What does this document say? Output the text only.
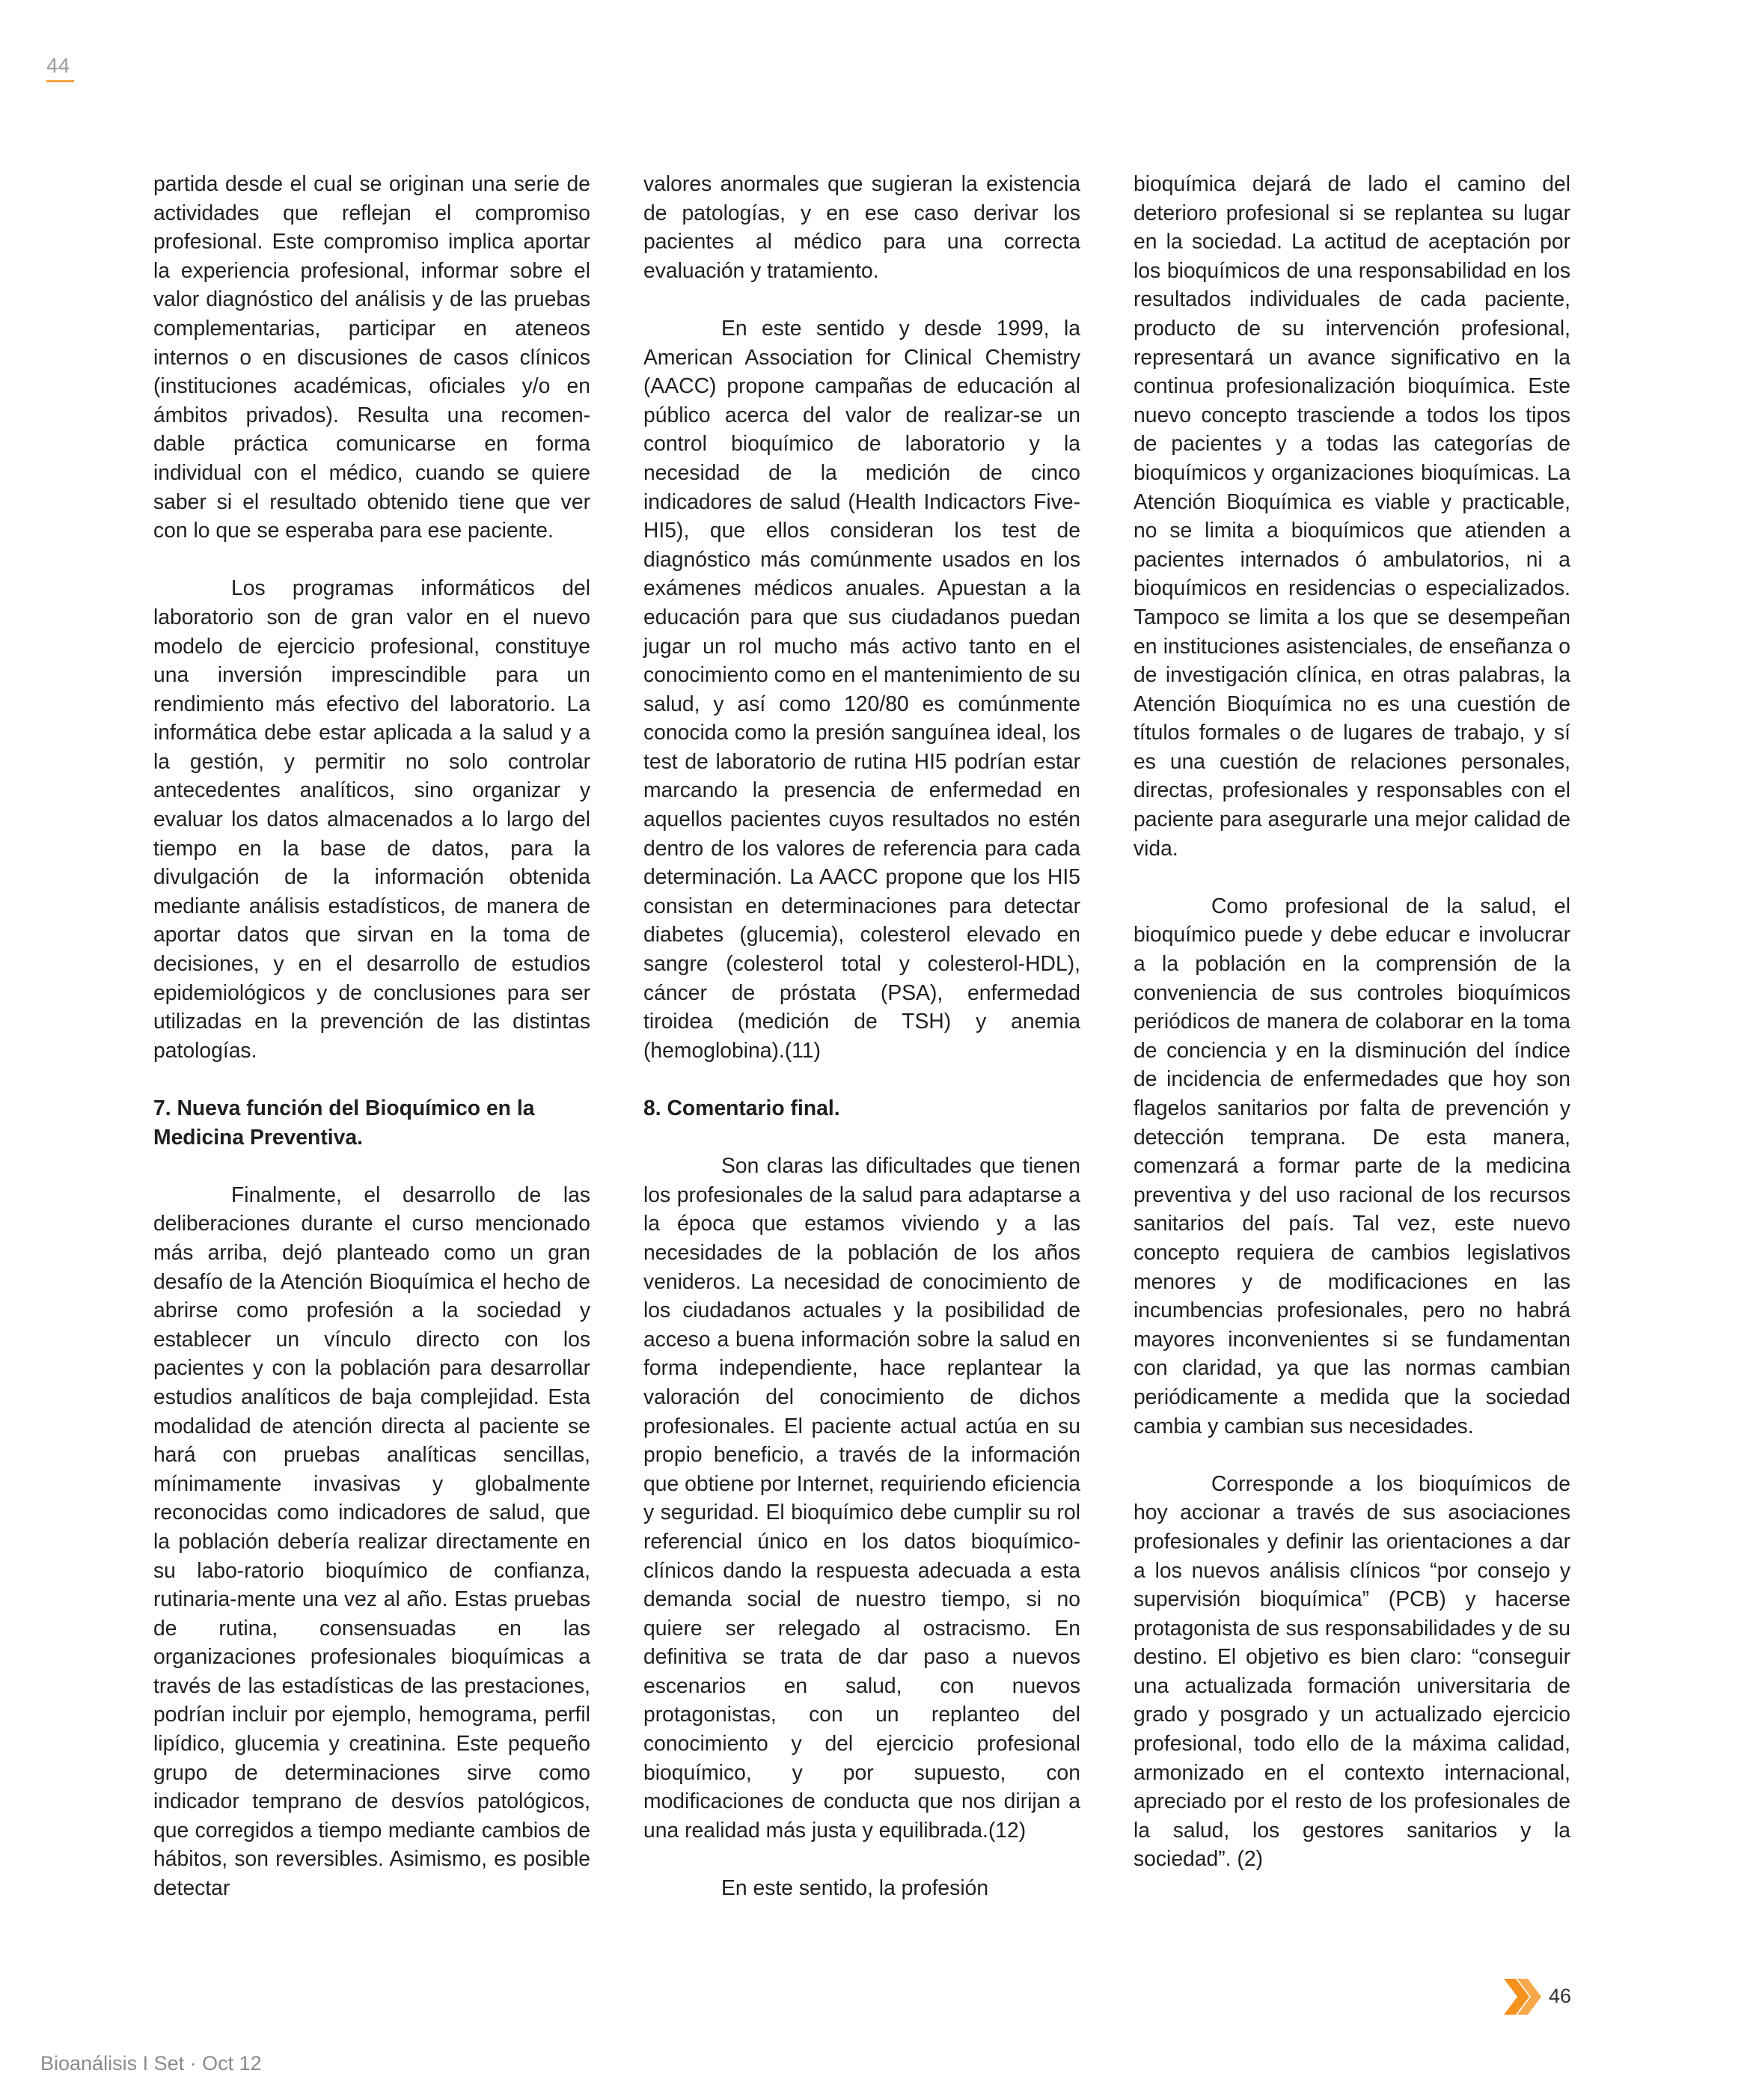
44

partida desde el cual se originan una serie de actividades que reflejan el compromiso profesional. Este compromiso implica aportar la experiencia profesional, informar sobre el valor diagnóstico del análisis y de las pruebas complementarias, participar en ateneos internos o en discusiones de casos clínicos (instituciones académicas, oficiales y/o en ámbitos privados). Resulta una recomen-dable práctica comunicarse en forma individual con el médico, cuando se quiere saber si el resultado obtenido tiene que ver con lo que se esperaba para ese paciente.

Los programas informáticos del laboratorio son de gran valor en el nuevo modelo de ejercicio profesional, constituye una inversión imprescindible para un rendimiento más efectivo del laboratorio. La informática debe estar aplicada a la salud y a la gestión, y permitir no solo controlar antecedentes analíticos, sino organizar y evaluar los datos almacenados a lo largo del tiempo en la base de datos, para la divulgación de la información obtenida mediante análisis estadísticos, de manera de aportar datos que sirvan en la toma de decisiones, y en el desarrollo de estudios epidemiológicos y de conclusiones para ser utilizadas en la prevención de las distintas patologías.

7. Nueva función del Bioquímico en la Medicina Preventiva.

Finalmente, el desarrollo de las deliberaciones durante el curso mencionado más arriba, dejó planteado como un gran desafío de la Atención Bioquímica el hecho de abrirse como profesión a la sociedad y establecer un vínculo directo con los pacientes y con la población para desarrollar estudios analíticos de baja complejidad. Esta modalidad de atención directa al paciente se hará con pruebas analíticas sencillas, mínimamente invasivas y globalmente reconocidas como indicadores de salud, que la población debería realizar directamente en su labo-ratorio bioquímico de confianza, rutinaria-mente una vez al año. Estas pruebas de rutina, consensuadas en las organizaciones profesionales bioquímicas a través de las estadísticas de las prestaciones, podrían incluir por ejemplo, hemograma, perfil lipídico, glucemia y creatinina. Este pequeño grupo de determinaciones sirve como indicador temprano de desvíos patológicos, que corregidos a tiempo mediante cambios de hábitos, son reversibles. Asimismo, es posible detectar

valores anormales que sugieran la existencia de patologías, y en ese caso derivar los pacientes al médico para una correcta evaluación y tratamiento.

En este sentido y desde 1999, la American Association for Clinical Chemistry (AACC) propone campañas de educación al público acerca del valor de realizar-se un control bioquímico de laboratorio y la necesidad de la medición de cinco indicadores de salud (Health Indicactors Five-HI5), que ellos consideran los test de diagnóstico más comúnmente usados en los exámenes médicos anuales. Apuestan a la educación para que sus ciudadanos puedan jugar un rol mucho más activo tanto en el conocimiento como en el mantenimiento de su salud, y así como 120/80 es comúnmente conocida como la presión sanguínea ideal, los test de laboratorio de rutina HI5 podrían estar marcando la presencia de enfermedad en aquellos pacientes cuyos resultados no estén dentro de los valores de referencia para cada determinación. La AACC propone que los HI5 consistan en determinaciones para detectar diabetes (glucemia), colesterol elevado en sangre (colesterol total y colesterol-HDL), cáncer de próstata (PSA), enfermedad tiroidea (medición de TSH) y anemia (hemoglobina).(11)

8. Comentario final.

Son claras las dificultades que tienen los profesionales de la salud para adaptarse a la época que estamos viviendo y a las necesidades de la población de los años venideros. La necesidad de conocimiento de los ciudadanos actuales y la posibilidad de acceso a buena información sobre la salud en forma independiente, hace replantear la valoración del conocimiento de dichos profesionales. El paciente actual actúa en su propio beneficio, a través de la información que obtiene por Internet, requiriendo eficiencia y seguridad. El bioquímico debe cumplir su rol referencial único en los datos bioquímico-clínicos dando la respuesta adecuada a esta demanda social de nuestro tiempo, si no quiere ser relegado al ostracismo. En definitiva se trata de dar paso a nuevos escenarios en salud, con nuevos protagonistas, con un replanteo del conocimiento y del ejercicio profesional bioquímico, y por supuesto, con modificaciones de conducta que nos dirijan a una realidad más justa y equilibrada.(12)

En este sentido, la profesión

bioquímica dejará de lado el camino del deterioro profesional si se replantea su lugar en la sociedad. La actitud de aceptación por los bioquímicos de una responsabilidad en los resultados individuales de cada paciente, producto de su intervención profesional, representará un avance significativo en la continua profesionalización bioquímica. Este nuevo concepto trasciende a todos los tipos de pacientes y a todas las categorías de bioquímicos y organizaciones bioquímicas. La Atención Bioquímica es viable y practicable, no se limita a bioquímicos que atienden a pacientes internados ó ambulatorios, ni a bioquímicos en residencias o especializados. Tampoco se limita a los que se desempeñan en instituciones asistenciales, de enseñanza o de investigación clínica, en otras palabras, la Atención Bioquímica no es una cuestión de títulos formales o de lugares de trabajo, y sí es una cuestión de relaciones personales, directas, profesionales y responsables con el paciente para asegurarle una mejor calidad de vida.

Como profesional de la salud, el bioquímico puede y debe educar e involucrar a la población en la comprensión de la conveniencia de sus controles bioquímicos periódicos de manera de colaborar en la toma de conciencia y en la disminución del índice de incidencia de enfermedades que hoy son flagelos sanitarios por falta de prevención y detección temprana. De esta manera, comenzará a formar parte de la medicina preventiva y del uso racional de los recursos sanitarios del país. Tal vez, este nuevo concepto requiera de cambios legislativos menores y de modificaciones en las incumbencias profesionales, pero no habrá mayores inconvenientes si se fundamentan con claridad, ya que las normas cambian periódicamente a medida que la sociedad cambia y cambian sus necesidades.

Corresponde a los bioquímicos de hoy accionar a través de sus asociaciones profesionales y definir las orientaciones a dar a los nuevos análisis clínicos “por consejo y supervisión bioquímica” (PCB) y hacerse protagonista de sus responsabilidades y de su destino. El objetivo es bien claro: “conseguir una actualizada formación universitaria de grado y posgrado y un actualizado ejercicio profesional, todo ello de la máxima calidad, armonizado en el contexto internacional, apreciado por el resto de los profesionales de la salud, los gestores sanitarios y la sociedad”. (2)

46
Bioanálisis I Set · Oct 12
